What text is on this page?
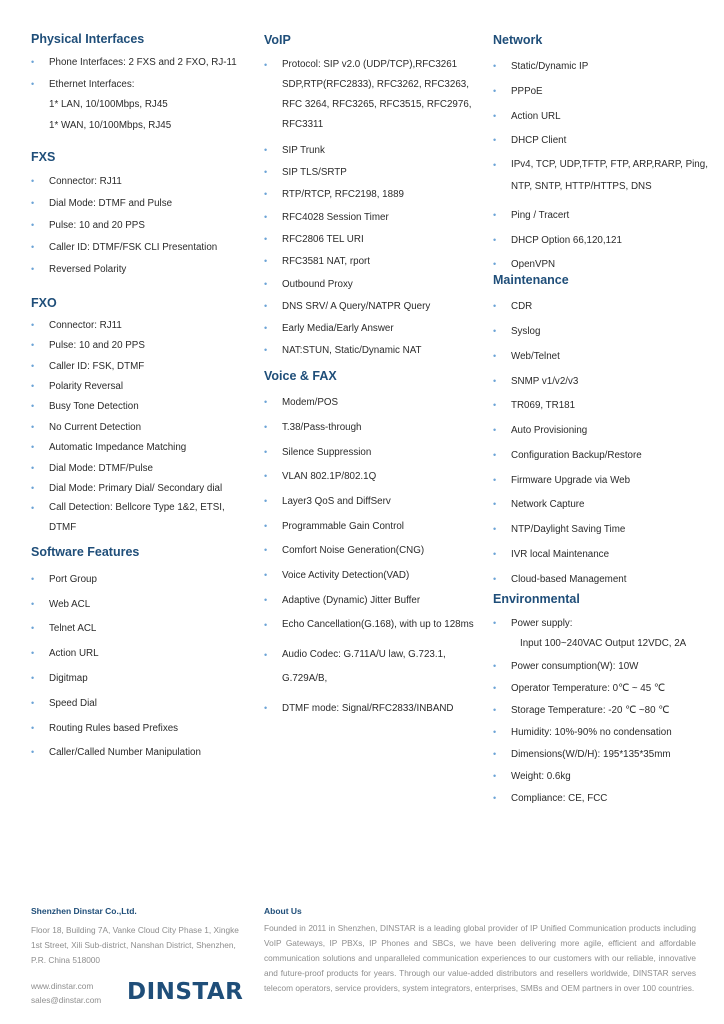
Physical Interfaces
• Phone Interfaces: 2 FXS and 2 FXO, RJ-11
• Ethernet Interfaces:
1* LAN, 10/100Mbps, RJ45
1* WAN, 10/100Mbps, RJ45
FXS
• Connector: RJ11
• Dial Mode: DTMF and Pulse
• Pulse: 10 and 20 PPS
• Caller ID: DTMF/FSK CLI Presentation
• Reversed Polarity
FXO
• Connector: RJ11
• Pulse: 10 and 20 PPS
• Caller ID: FSK, DTMF
• Polarity Reversal
• Busy Tone Detection
• No Current Detection
• Automatic Impedance Matching
• Dial Mode: DTMF/Pulse
• Dial Mode: Primary Dial/ Secondary dial
• Call Detection: Bellcore Type 1&2, ETSI, DTMF
Software Features
• Port Group
• Web ACL
• Telnet ACL
• Action URL
• Digitmap
• Speed Dial
• Routing Rules based Prefixes
• Caller/Called Number Manipulation
VoIP
• Protocol: SIP v2.0 (UDP/TCP),RFC3261 SDP,RTP(RFC2833), RFC3262, RFC3263, RFC 3264, RFC3265, RFC3515, RFC2976, RFC3311
• SIP Trunk
• SIP TLS/SRTP
• RTP/RTCP, RFC2198, 1889
• RFC4028 Session Timer
• RFC2806 TEL URI
• RFC3581 NAT, rport
• Outbound Proxy
• DNS SRV/ A Query/NATPR Query
• Early Media/Early Answer
• NAT:STUN, Static/Dynamic NAT
Voice & FAX
• Modem/POS
• T.38/Pass-through
• Silence Suppression
• VLAN 802.1P/802.1Q
• Layer3 QoS and DiffServ
• Programmable Gain Control
• Comfort Noise Generation(CNG)
• Voice Activity Detection(VAD)
• Adaptive (Dynamic) Jitter Buffer
• Echo Cancellation(G.168), with up to 128ms
• Audio Codec: G.711A/U law, G.723.1, G.729A/B,
• DTMF mode: Signal/RFC2833/INBAND
Network
• Static/Dynamic IP
• PPPoE
• Action URL
• DHCP Client
• IPv4, TCP, UDP,TFTP, FTP, ARP,RARP, Ping, NTP, SNTP, HTTP/HTTPS, DNS
• Ping / Tracert
• DHCP Option 66,120,121
• OpenVPN
Maintenance
• CDR
• Syslog
• Web/Telnet
• SNMP v1/v2/v3
• TR069, TR181
• Auto Provisioning
• Configuration Backup/Restore
• Firmware Upgrade via Web
• Network Capture
• NTP/Daylight Saving Time
• IVR local Maintenance
• Cloud-based Management
Environmental
• Power supply:
Input 100~240VAC Output 12VDC, 2A
• Power consumption(W): 10W
• Operator Temperature: 0℃ ~ 45 ℃
• Storage Temperature: -20 ℃ ~80 ℃
• Humidity: 10%-90% no condensation
• Dimensions(W/D/H): 195*135*35mm
• Weight: 0.6kg
• Compliance: CE, FCC

Shenzhen Dinstar Co.,Ltd.

Floor 18, Building 7A, Vanke Cloud City Phase 1, Xingke 1st Street, Xili Sub-district, Nanshan District, Shenzhen, P.R. China 518000
www.dinstar.com
sales@dinstar.com DINSTAR

About Us

Founded in 2011 in Shenzhen, DINSTAR is a leading global provider of IP Unified Communication products including VoIP Gateways, IP PBXs, IP Phones and SBCs, we have been delivering more agile, efficient and affordable communication solutions and unparalleled communication experiences to our customers with our reliable, innovative and future-proof products for years. Through our value-added distributors and resellers worldwide, DINSTAR serves telecom operators, service providers, system integrators, enterprises, SMBs and OEM partners in over 100 countries.
